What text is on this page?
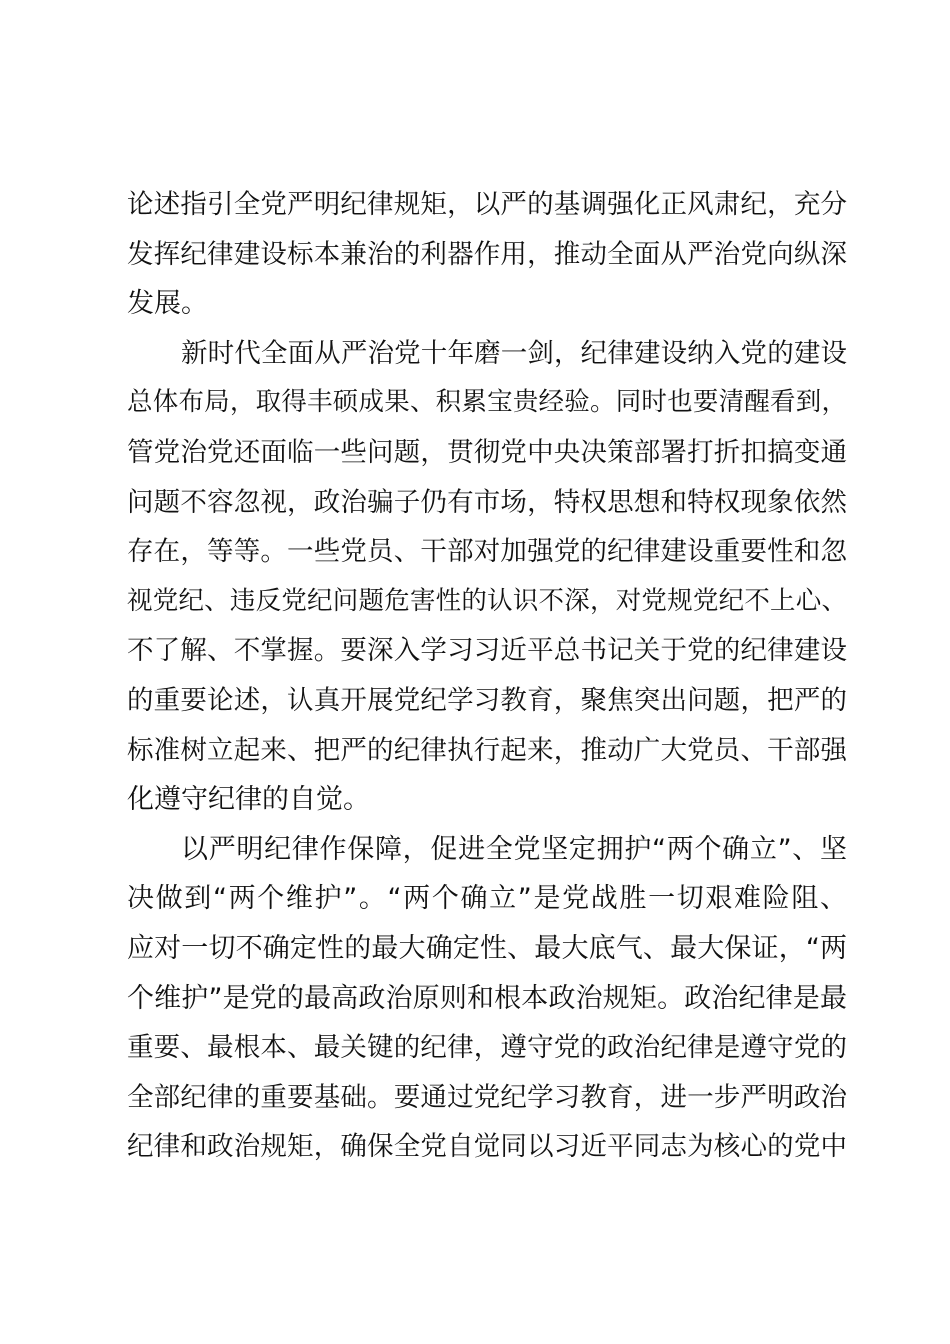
论述指引全党严明纪律规矩，以严的基调强化正风肃纪，充分
发挥纪律建设标本兼治的利器作用，推动全面从严治党向纵深
发展。
新时代全面从严治党十年磨一剑，纪律建设纳入党的建设
总体布局，取得丰硕成果、积累宝贵经验。同时也要清醒看到，
管党治党还面临一些问题，贯彻党中央决策部署打折扣搞变通
问题不容忽视，政治骗子仍有市场，特权思想和特权现象依然
存在，等等。一些党员、干部对加强党的纪律建设重要性和忽
视党纪、违反党纪问题危害性的认识不深，对党规党纪不上心、
不了解、不掌握。要深入学习习近平总书记关于党的纪律建设
的重要论述，认真开展党纪学习教育，聚焦突出问题，把严的
标准树立起来、把严的纪律执行起来，推动广大党员、干部强
化遵守纪律的自觉。
以严明纪律作保障，促进全党坚定拥护“两个确立”、坚
决做到“两个维护”。“两个确立”是党战胜一切艰难险阻、
应对一切不确定性的最大确定性、最大底气、最大保证，“两
个维护”是党的最高政治原则和根本政治规矩。政治纪律是最
重要、最根本、最关键的纪律，遵守党的政治纪律是遵守党的
全部纪律的重要基础。要通过党纪学习教育，进一步严明政治
纪律和政治规矩，确保全党自觉同以习近平同志为核心的党中
